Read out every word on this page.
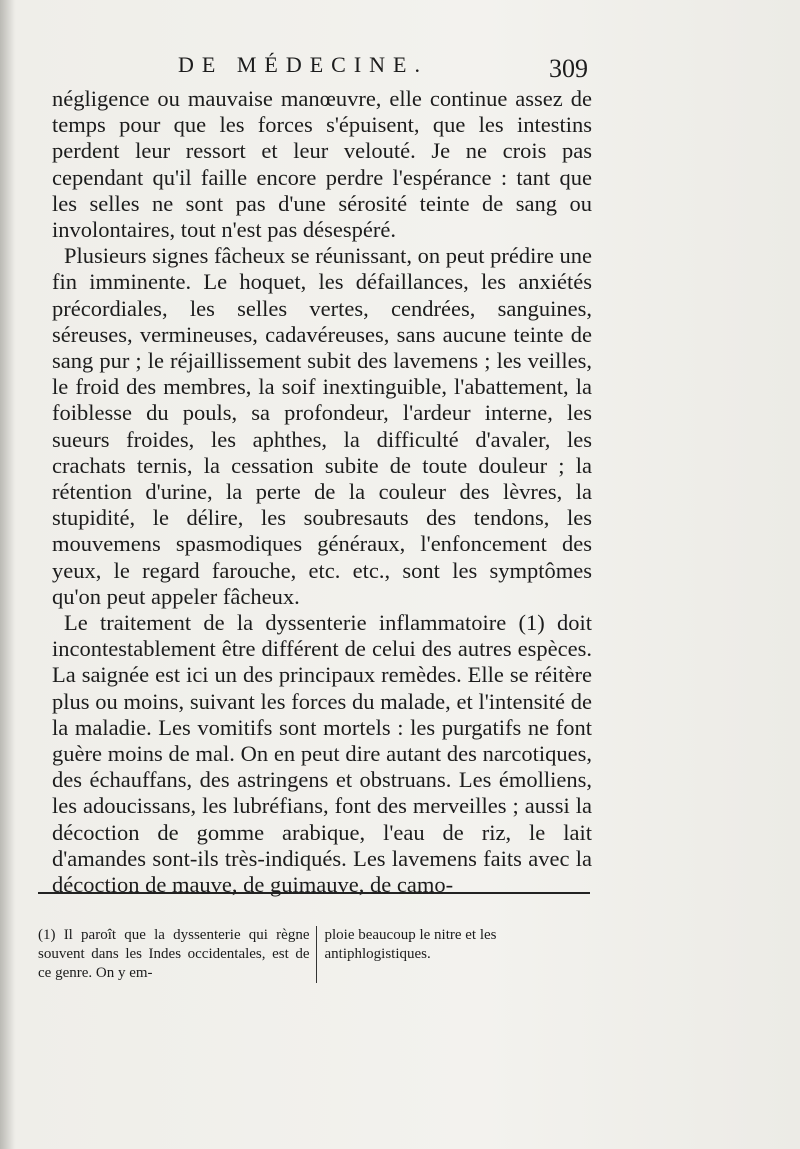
DE MÉDECINE.	309

négligence ou mauvaise manœuvre, elle continue assez de temps pour que les forces s'épuisent, que les intestins perdent leur ressort et leur velouté. Je ne crois pas cependant qu'il faille encore perdre l'espérance : tant que les selles ne sont pas d'une sérosité teinte de sang ou involontaires, tout n'est pas désespéré.

Plusieurs signes fâcheux se réunissant, on peut prédire une fin imminente. Le hoquet, les défaillances, les anxiétés précordiales, les selles vertes, cendrées, sanguines, séreuses, vermineuses, cadavéreuses, sans aucune teinte de sang pur ; le réjaillissement subit des lavemens ; les veilles, le froid des membres, la soif inextinguible, l'abattement, la foiblesse du pouls, sa profondeur, l'ardeur interne, les sueurs froides, les aphthes, la difficulté d'avaler, les crachats ternis, la cessation subite de toute douleur ; la rétention d'urine, la perte de la couleur des lèvres, la stupidité, le délire, les soubresauts des tendons, les mouvemens spasmodiques généraux, l'enfoncement des yeux, le regard farouche, etc. etc., sont les symptômes qu'on peut appeler fâcheux.

Le traitement de la dyssenterie inflammatoire (1) doit incontestablement être différent de celui des autres espèces. La saignée est ici un des principaux remèdes. Elle se réitère plus ou moins, suivant les forces du malade, et l'intensité de la maladie. Les vomitifs sont mortels : les purgatifs ne font guère moins de mal. On en peut dire autant des narcotiques, des échauffans, des astringens et obstruans. Les émolliens, les adoucissans, les lubréfians, font des merveilles ; aussi la décoction de gomme arabique, l'eau de riz, le lait d'amandes sont-ils très-indiqués. Les lavemens faits avec la décoction de mauve, de guimauve, de camo-

(1) Il paroît que la dyssenterie qui règne souvent dans les Indes occidentales, est de ce genre. On y em-
ploie beaucoup le nitre et les antiphlogistiques.
